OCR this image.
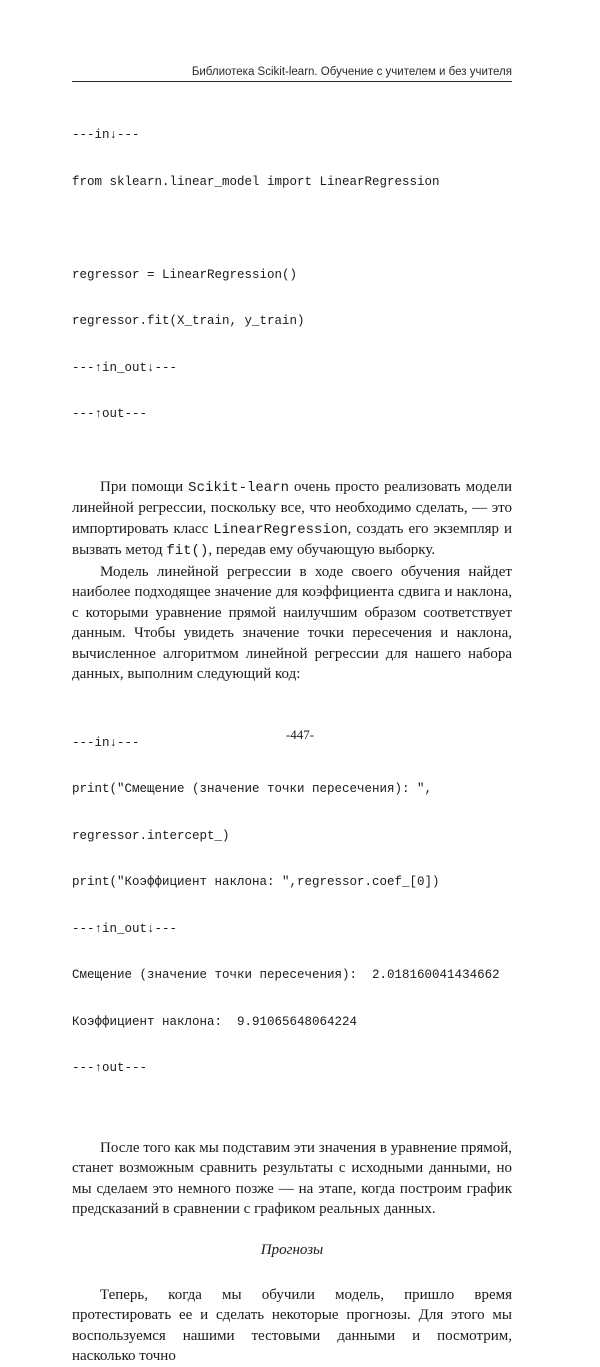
Библиотека Scikit-learn. Обучение с учителем и без учителя

---in↓---

from sklearn.linear_model import LinearRegression

regressor = LinearRegression()

regressor.fit(X_train, y_train)

---↑in_out↓---

---↑out---

При помощи Scikit-learn очень просто реализовать модели линейной регрессии, поскольку все, что необходимо сделать, — это импортировать класс LinearRegression, создать его экземпляр и вызвать метод fit(), передав ему обучающую выборку.

Модель линейной регрессии в ходе своего обучения найдет наиболее подходящее значение для коэффициента сдвига и наклона, с которыми уравнение прямой наилучшим образом соответствует данным. Чтобы увидеть значение точки пересечения и наклона, вычисленное алгоритмом линейной регрессии для нашего набора данных, выполним следующий код:

---in↓---

print("Смещение (значение точки пересечения): ",

regressor.intercept_)

print("Коэффициент наклона: ",regressor.coef_[0])

---↑in_out↓---

Смещение (значение точки пересечения):  2.018160041434662

Коэффициент наклона:  9.91065648064224

---↑out---

После того как мы подставим эти значения в уравнение прямой, станет возможным сравнить результаты с исходными данными, но мы сделаем это немного позже — на этапе, когда построим график предсказаний в сравнении с графиком реальных данных.

Прогнозы

Теперь, когда мы обучили модель, пришло время протестировать ее и сделать некоторые прогнозы. Для этого мы воспользуемся нашими тестовыми данными и посмотрим, насколько точно

-447-
